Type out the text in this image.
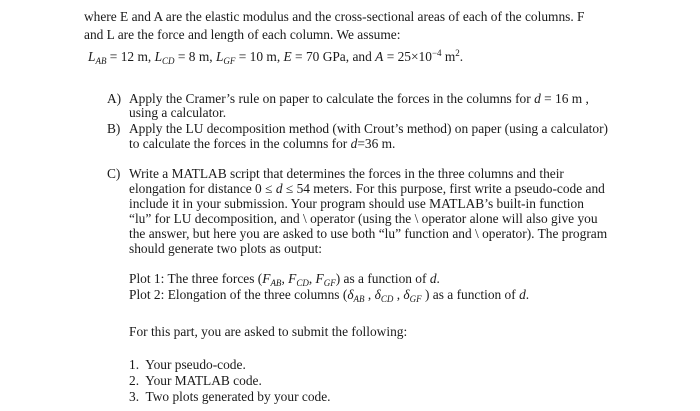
where E and A are the elastic modulus and the cross-sectional areas of each of the columns. F
and L are the force and length of each column. We assume:
$L_{AB} = 12$ m, $L_{CD} = 8$ m, $L_{GF} = 10$ m, E = 70 GPa, and $A = 25\times 10^{-4}$ $m^2$.
A) Apply the Cramer’s rule on paper to calculate the forces in the columns for d = 16 m ,
using a calculator.
B) Apply the LU decomposition method (with Crout’s method) on paper (using a calculator)
to calculate the forces in the columns for d=36 m.
C) Write a MATLAB script that determines the forces in the three columns and their
elongation for distance 0 ≤ d ≤ 54 meters. For this purpose, first write a pseudo-code and
include it in your submission. Your program should use MATLAB’s built-in function
“lu” for LU decomposition, and \ operator (using the \ operator alone will also give you
the answer, but here you are asked to use both “lu” function and \ operator). The program
should generate two plots as output:
Plot 1: The three forces ($F_{AB}$, $F_{CD}$, $F_{GF}$) as a function of d.
Plot 2: Elongation of the three columns ($\delta_{AB}$ , $\delta_{CD}$ , $\delta_{GF}$ ) as a function of d.
For this part, you are asked to submit the following:
1. Your pseudo-code.
2. Your MATLAB code.
3. Two plots generated by your code.
